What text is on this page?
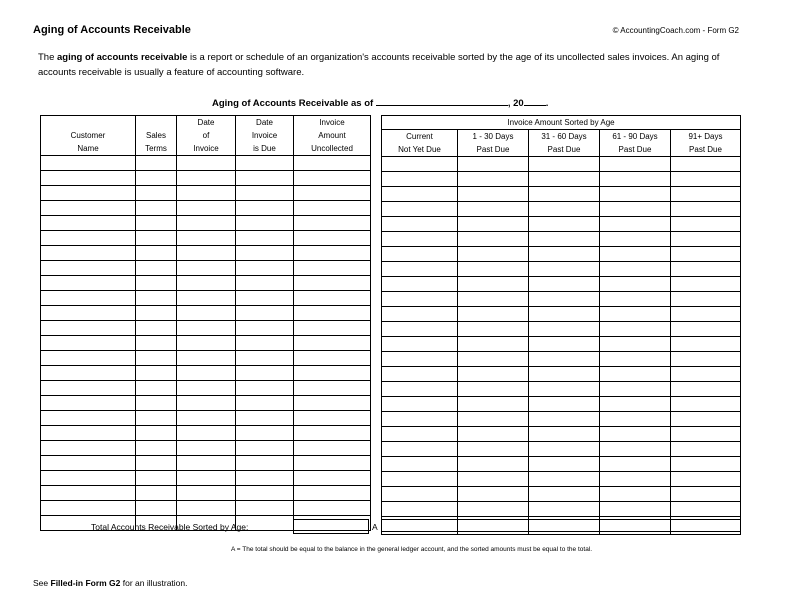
Aging of Accounts Receivable	© AccountingCoach.com - Form G2
The aging of accounts receivable is a report or schedule of an organization's accounts receivable sorted by the age of its uncollected sales invoices. An aging of accounts receivable is usually a feature of accounting software.
Aging of Accounts Receivable as of	, 20 .
		Date	Date	Invoice
Customer	Sales	of	Invoice	Amount
Name	Terms	Invoice	is Due	Uncollected

Invoice Amount Sorted by Age				
Current	1 - 30 Days	31 - 60 Days	61 - 90 Days	91+ Days
Not Yet Due	Past Due	Past Due	Past Due	Past Due

Total Accounts Receivable Sorted by Age:	A

A = The total should be equal to the balance in the general ledger account, and the sorted amounts must be equal to the total.
See Filled-in Form G2 for an illustration.
